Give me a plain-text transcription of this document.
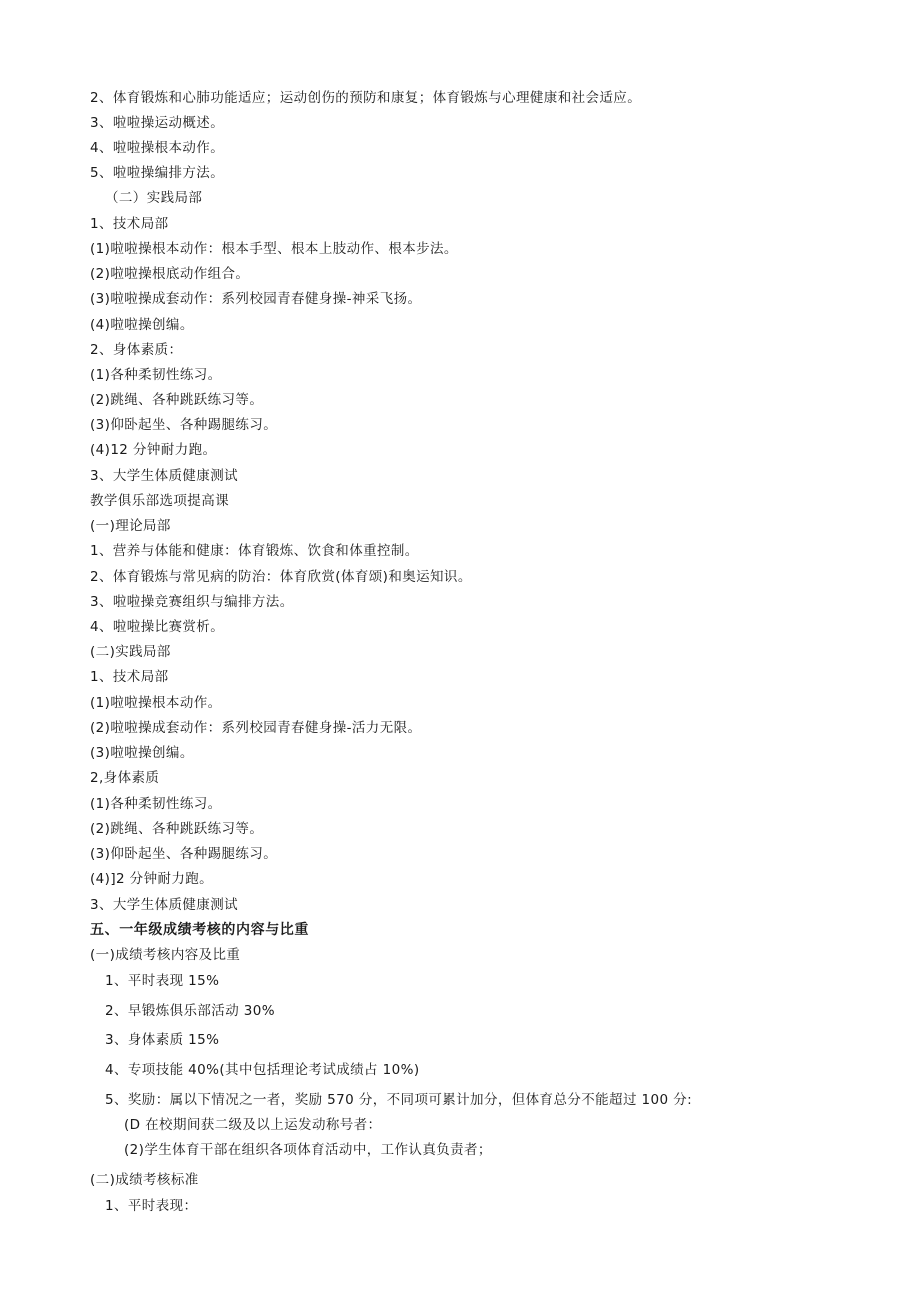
2、体育锻炼和心肺功能适应；运动创伤的预防和康复；体育锻炼与心理健康和社会适应。
3、啦啦操运动概述。
4、啦啦操根本动作。
5、啦啦操编排方法。
（二）实践局部
1、技术局部
(1)啦啦操根本动作：根本手型、根本上肢动作、根本步法。
(2)啦啦操根底动作组合。
(3)啦啦操成套动作：系列校园青春健身操-神采飞扬。
(4)啦啦操创编。
2、身体素质：
(1)各种柔韧性练习。
(2)跳绳、各种跳跃练习等。
(3)仰卧起坐、各种踢腿练习。
(4)12 分钟耐力跑。
3、大学生体质健康测试
教学俱乐部选项提高课
(一)理论局部
1、营养与体能和健康：体育锻炼、饮食和体重控制。
2、体育锻炼与常见病的防治：体育欣赏(体育颂)和奥运知识。
3、啦啦操竞赛组织与编排方法。
4、啦啦操比赛赏析。
(二)实践局部
1、技术局部
(1)啦啦操根本动作。
(2)啦啦操成套动作：系列校园青春健身操-活力无限。
(3)啦啦操创编。
2,身体素质
(1)各种柔韧性练习。
(2)跳绳、各种跳跃练习等。
(3)仰卧起坐、各种踢腿练习。
(4)]2 分钟耐力跑。
3、大学生体质健康测试
五、一年级成绩考核的内容与比重
(一)成绩考核内容及比重
1、平时表现 15%
2、早锻炼俱乐部活动 30%
3、身体素质 15%
4、专项技能 40%(其中包括理论考试成绩占 10%)
5、奖励：属以下情况之一者，奖励 570 分，不同项可累计加分，但体育总分不能超过 100 分:
(D 在校期间获二级及以上运发动称号者：
(2)学生体育干部在组织各项体育活动中，工作认真负责者；
(二)成绩考核标准
1、平时表现：
